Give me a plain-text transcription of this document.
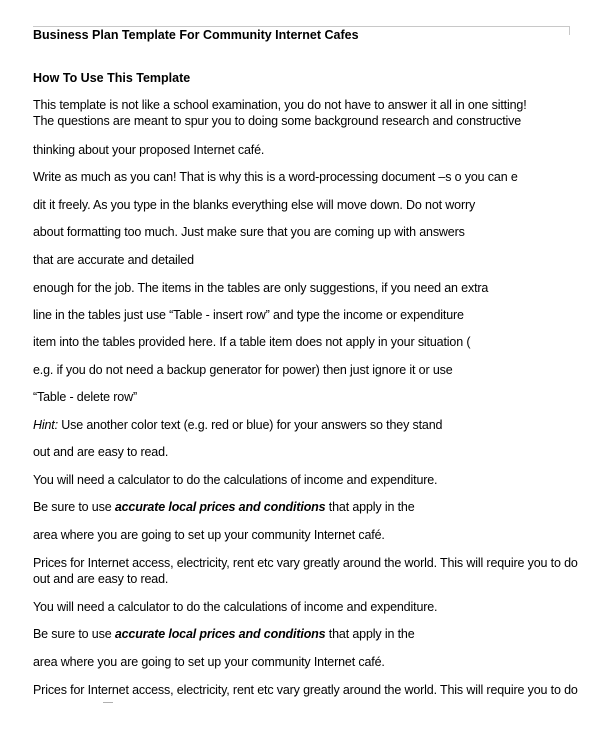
Business Plan Template For Community Internet Cafes
How To Use This Template
This template is not like a school examination, you do not have to answer it all in one sitting!
The questions are meant to spur you to doing some background research and constructive
thinking about your proposed Internet café.
Write as much as you can! That is why this is a word-processing document –s o you can e
dit it freely. As you type in the blanks everything else will move down. Do not worry
about formatting too much. Just make sure that you are coming up with answers
that are accurate and detailed
enough for the job. The items in the tables are only suggestions, if you need an extra
line in the tables just use “Table - insert row” and type the income or expenditure
item into the tables provided here. If a table item does not apply in your situation (
e.g. if you do not need a backup generator for power) then just ignore it or use
“Table - delete row”
Hint: Use another color text (e.g. red or blue) for your answers so they stand
out and are easy to read.
You will need a calculator to do the calculations of income and expenditure.
Be sure to use accurate local prices and conditions that apply in the
area where you are going to set up your community Internet café.
Prices for Internet access, electricity, rent etc vary greatly around the world. This will require you to do
out and are easy to read.
You will need a calculator to do the calculations of income and expenditure.
Be sure to use accurate local prices and conditions that apply in the
area where you are going to set up your community Internet café.
Prices for Internet access, electricity, rent etc vary greatly around the world. This will require you to do
